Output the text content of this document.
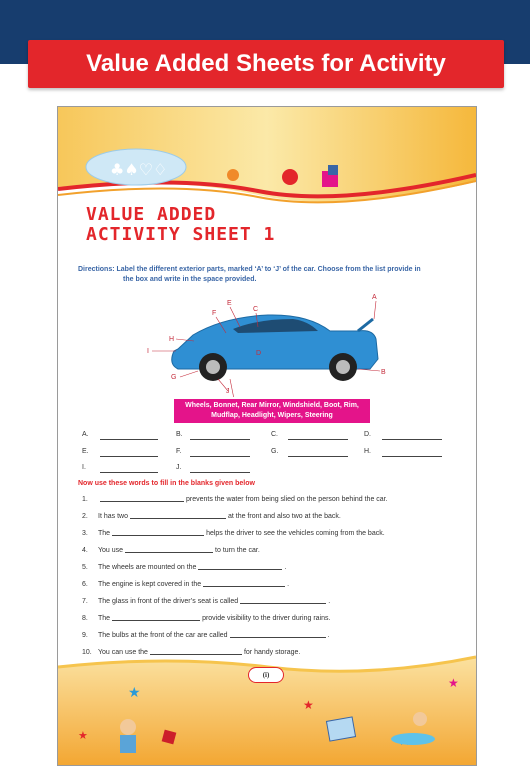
Value Added Sheets for Activity
♣♠♡♢
VALUE ADDED
ACTIVITY SHEET 1
Directions: Label the different exterior parts, marked ‘A’ to ‘J’ of the car. Choose from the list provide in
the box and write in the space provided.
A
B
C
D
E
F
G
H
I
J
Wheels, Bonnet, Rear Mirror, Windshield, Boot, Rim,
Mudflap, Headlight, Wipers, Steering
A.	B.	C.	D.
E.	F.	G.	H.
I.	J.
Now use these words to fill in the blanks given below
1.	prevents the water from being slied on the person behind the car.
2. It has two	at the front and also two at the back.
3. The	helps the driver to see the vehicles coming from the back.
4. You use	to turn the car.
5. The wheels are mounted on the	.
6. The engine is kept covered in the	.
7. The glass in front of the driver’s seat is called	.
8. The	provide visibility to the driver during rains.
9. The bulbs at the front of the car are called	.
10. You can use the	for handy storage.
★
★
★
★
(i)
